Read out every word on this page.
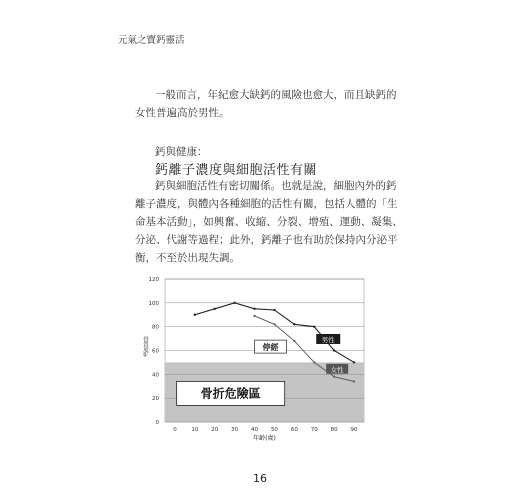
元氣之寶鈣靈活
一般而言，年紀愈大缺鈣的風險也愈大，而且缺鈣的
女性普遍高於男性。
鈣與健康：
鈣離子濃度與細胞活性有關
鈣與細胞活性有密切關係。也就是說，細胞內外的鈣
離子濃度，與體內各種細胞的活性有關，包括人體的「生
命基本活動」，如興奮、收縮、分裂、增殖、運動、凝集、
分泌、代謝等過程；此外，鈣離子也有助於保持內分泌平
衡，不至於出現失調。
0
20
40
60
80
100
120
0	10 20 30 40 50 60 70 80 90
年齡(歲)
骨質度②	男性
女性
停經
骨折危險區
16
